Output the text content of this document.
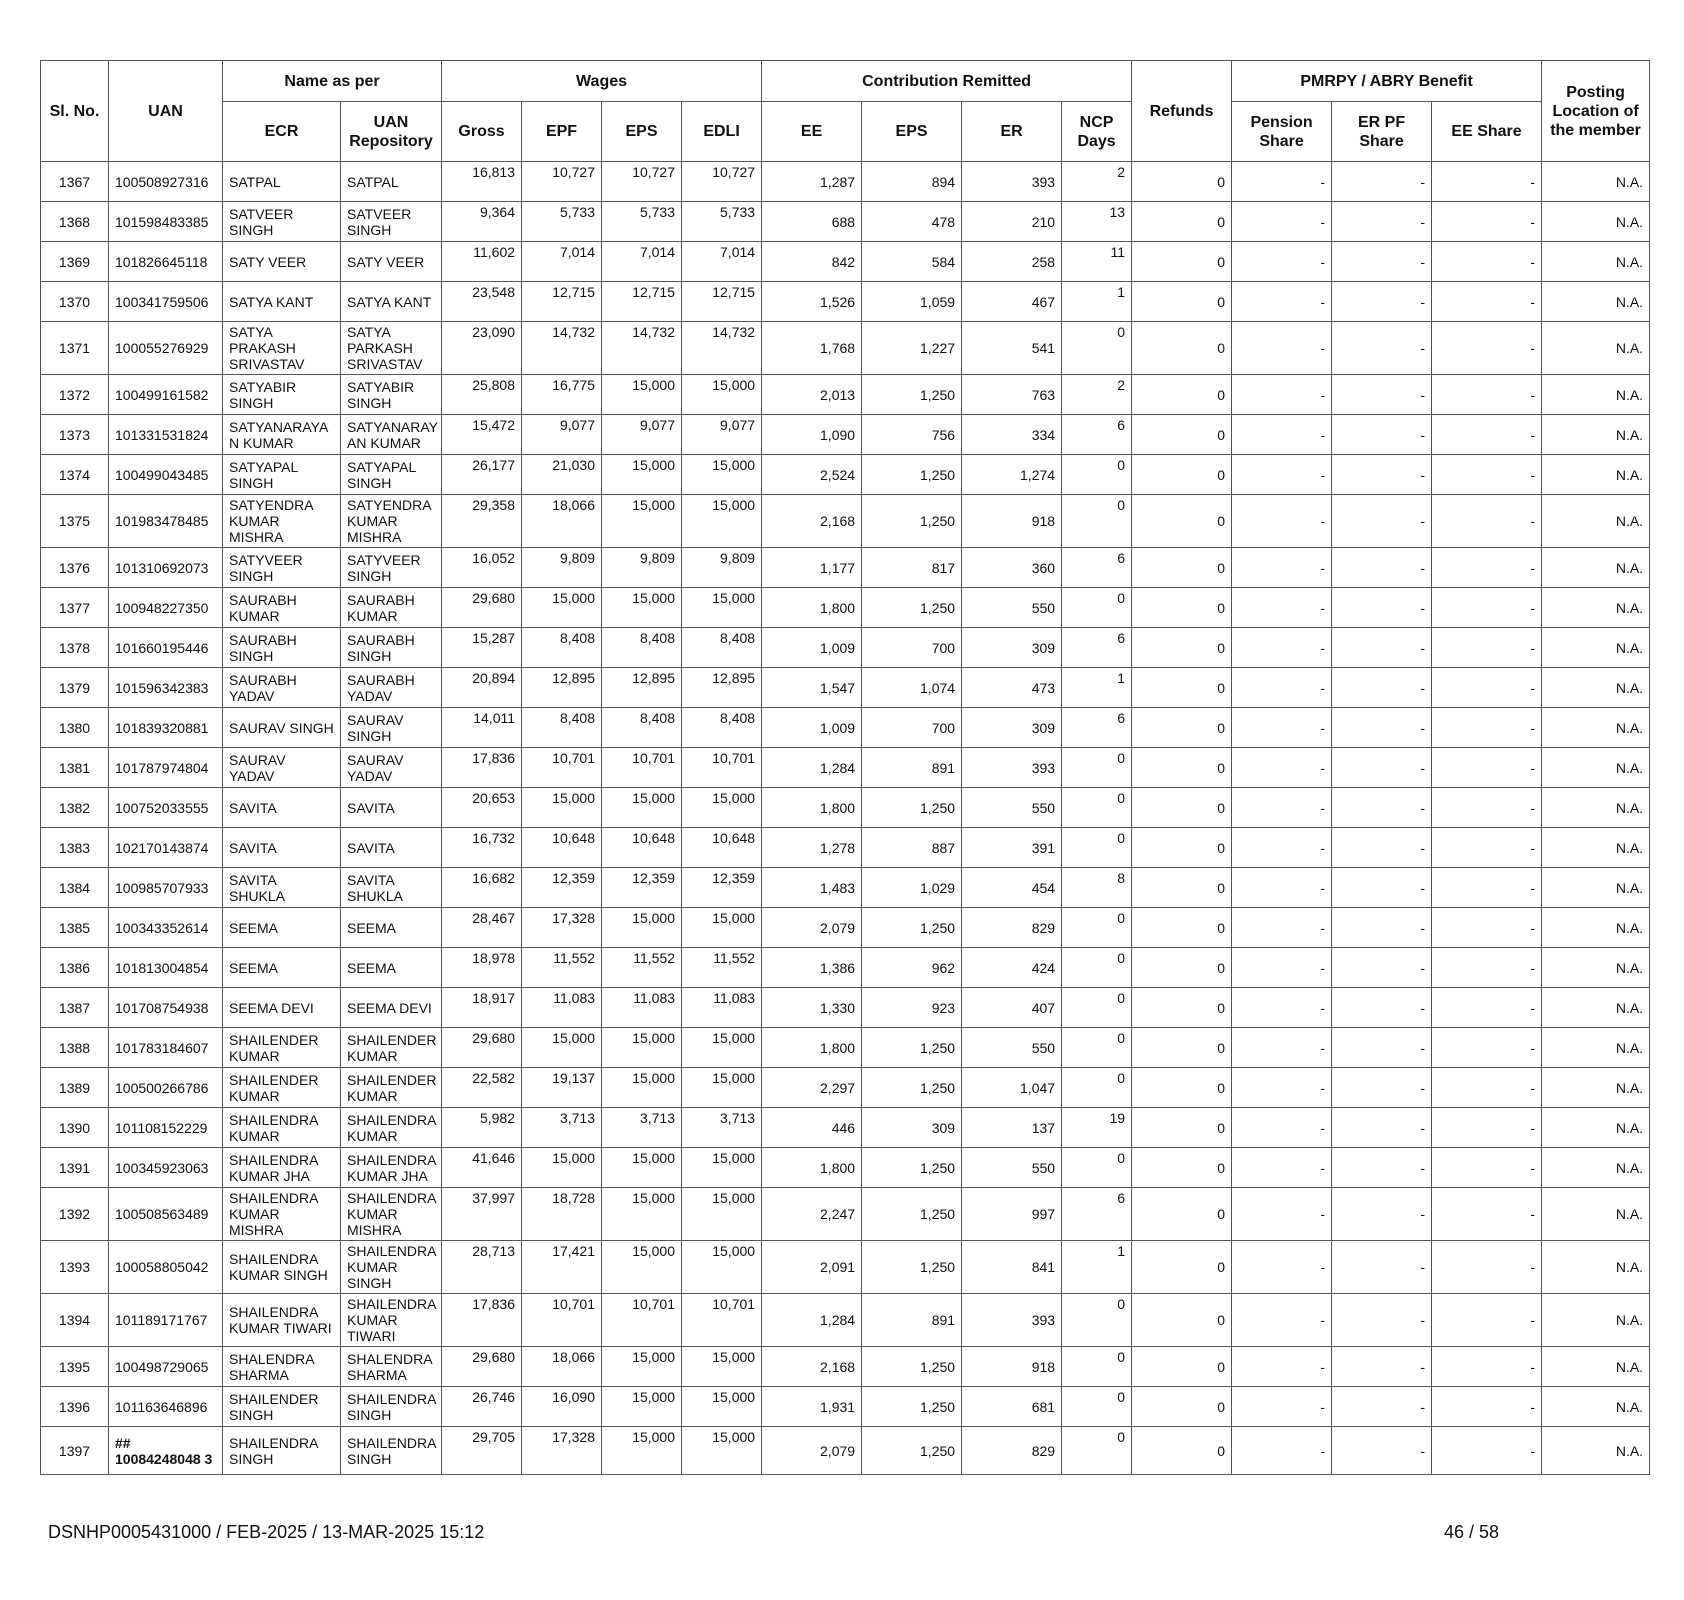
Sl. No.	UAN	Name as per		Wages				Contribution Remitted				Refunds	PMRPY / ABRY Benefit			Posting Location of the member
		ECR	UAN Repository	Gross	EPF	EPS	EDLI	EE	EPS	ER	NCP Days		Pension Share	ER PF Share	EE Share	
1367	100508927316	SATPAL	SATPAL	16,813	10,727	10,727	10,727	1,287	894	393	2	0	-	-	-	N.A.
1368	101598483385	SATVEER SINGH	SATVEER SINGH	9,364	5,733	5,733	5,733	688	478	210	13	0	-	-	-	N.A.
1369	101826645118	SATY VEER	SATY VEER	11,602	7,014	7,014	7,014	842	584	258	11	0	-	-	-	N.A.
1370	100341759506	SATYA KANT	SATYA KANT	23,548	12,715	12,715	12,715	1,526	1,059	467	1	0	-	-	-	N.A.
1371	100055276929	SATYA PRAKASH SRIVASTAV	SATYA PARKASH SRIVASTAV	23,090	14,732	14,732	14,732	1,768	1,227	541	0	0	-	-	-	N.A.
1372	100499161582	SATYABIR SINGH	SATYABIR SINGH	25,808	16,775	15,000	15,000	2,013	1,250	763	2	0	-	-	-	N.A.
1373	101331531824	SATYANARAYA N KUMAR	SATYANARAY AN KUMAR	15,472	9,077	9,077	9,077	1,090	756	334	6	0	-	-	-	N.A.
1374	100499043485	SATYAPAL SINGH	SATYAPAL SINGH	26,177	21,030	15,000	15,000	2,524	1,250	1,274	0	0	-	-	-	N.A.
1375	101983478485	SATYENDRA KUMAR MISHRA	SATYENDRA KUMAR MISHRA	29,358	18,066	15,000	15,000	2,168	1,250	918	0	0	-	-	-	N.A.
1376	101310692073	SATYVEER SINGH	SATYVEER SINGH	16,052	9,809	9,809	9,809	1,177	817	360	6	0	-	-	-	N.A.
1377	100948227350	SAURABH KUMAR	SAURABH KUMAR	29,680	15,000	15,000	15,000	1,800	1,250	550	0	0	-	-	-	N.A.
1378	101660195446	SAURABH SINGH	SAURABH SINGH	15,287	8,408	8,408	8,408	1,009	700	309	6	0	-	-	-	N.A.
1379	101596342383	SAURABH YADAV	SAURABH YADAV	20,894	12,895	12,895	12,895	1,547	1,074	473	1	0	-	-	-	N.A.
1380	101839320881	SAURAV SINGH	SAURAV SINGH	14,011	8,408	8,408	8,408	1,009	700	309	6	0	-	-	-	N.A.
1381	101787974804	SAURAV YADAV	SAURAV YADAV	17,836	10,701	10,701	10,701	1,284	891	393	0	0	-	-	-	N.A.
1382	100752033555	SAVITA	SAVITA	20,653	15,000	15,000	15,000	1,800	1,250	550	0	0	-	-	-	N.A.
1383	102170143874	SAVITA	SAVITA	16,732	10,648	10,648	10,648	1,278	887	391	0	0	-	-	-	N.A.
1384	100985707933	SAVITA SHUKLA	SAVITA SHUKLA	16,682	12,359	12,359	12,359	1,483	1,029	454	8	0	-	-	-	N.A.
1385	100343352614	SEEMA	SEEMA	28,467	17,328	15,000	15,000	2,079	1,250	829	0	0	-	-	-	N.A.
1386	101813004854	SEEMA	SEEMA	18,978	11,552	11,552	11,552	1,386	962	424	0	0	-	-	-	N.A.
1387	101708754938	SEEMA DEVI	SEEMA DEVI	18,917	11,083	11,083	11,083	1,330	923	407	0	0	-	-	-	N.A.
1388	101783184607	SHAILENDER KUMAR	SHAILENDER KUMAR	29,680	15,000	15,000	15,000	1,800	1,250	550	0	0	-	-	-	N.A.
1389	100500266786	SHAILENDER KUMAR	SHAILENDER KUMAR	22,582	19,137	15,000	15,000	2,297	1,250	1,047	0	0	-	-	-	N.A.
1390	101108152229	SHAILENDRA KUMAR	SHAILENDRA KUMAR	5,982	3,713	3,713	3,713	446	309	137	19	0	-	-	-	N.A.
1391	100345923063	SHAILENDRA KUMAR JHA	SHAILENDRA KUMAR JHA	41,646	15,000	15,000	15,000	1,800	1,250	550	0	0	-	-	-	N.A.
1392	100508563489	SHAILENDRA KUMAR MISHRA	SHAILENDRA KUMAR MISHRA	37,997	18,728	15,000	15,000	2,247	1,250	997	6	0	-	-	-	N.A.
1393	100058805042	SHAILENDRA KUMAR SINGH	SHAILENDRA KUMAR SINGH	28,713	17,421	15,000	15,000	2,091	1,250	841	1	0	-	-	-	N.A.
1394	101189171767	SHAILENDRA KUMAR TIWARI	SHAILENDRA KUMAR TIWARI	17,836	10,701	10,701	10,701	1,284	891	393	0	0	-	-	-	N.A.
1395	100498729065	SHALENDRA SHARMA	SHALENDRA SHARMA	29,680	18,066	15,000	15,000	2,168	1,250	918	0	0	-	-	-	N.A.
1396	101163646896	SHAILENDER SINGH	SHAILENDRA SINGH	26,746	16,090	15,000	15,000	1,931	1,250	681	0	0	-	-	-	N.A.
1397	## 10084248048 3	SHAILENDRA SINGH	SHAILENDRA SINGH	29,705	17,328	15,000	15,000	2,079	1,250	829	0	0	-	-	-	N.A.
DSNHP0005431000 / FEB-2025 / 13-MAR-2025 15:12	46 / 58
